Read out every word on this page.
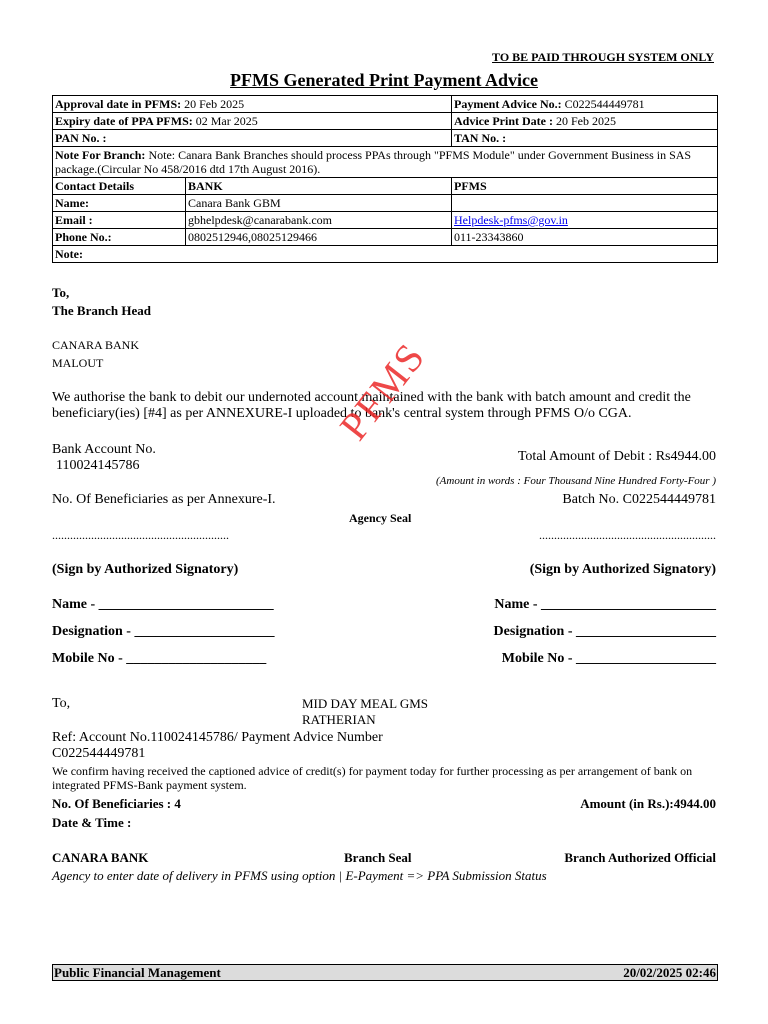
TO BE PAID THROUGH SYSTEM ONLY
PFMS Generated Print Payment Advice
Approval date in PFMS: 20 Feb 2025		Payment Advice No.: C022544449781
Expiry date of PPA PFMS: 02 Mar 2025		Advice Print Date : 20 Feb 2025
PAN No. :		TAN No. :
Note For Branch: Note: Canara Bank Branches should process PPAs through "PFMS Module" under Government Business in SAS package.(Circular No 458/2016 dtd 17th August 2016).		
Contact Details	BANK	PFMS
Name:	Canara Bank GBM	
Email :	gbhelpdesk@canarabank.com	Helpdesk-pfms@gov.in
Phone No.:	0802512946,08025129466	011-23343860
Note:		
To,
The Branch Head
CANARA BANK
MALOUT
We authorise the bank to debit our undernoted account maintained with the bank with batch amount and credit the beneficiary(ies) [#4] as per ANNEXURE-I uploaded to bank's central system through PFMS O/o CGA.
Bank Account No.
110024145786
Total Amount of Debit : Rs4944.00
(Amount in words : Four Thousand Nine Hundred Forty-Four )
No. Of Beneficiaries as per Annexure-I.	Batch No. C022544449781
Agency Seal
...........................................................	...........................................................
(Sign by Authorized Signatory)	(Sign by Authorized Signatory)
Name - _________________________
Designation - ____________________
Mobile No - ____________________
Name - _________________________
Designation - ____________________
Mobile No - ____________________
To,	MID DAY MEAL GMS
RATHERIAN
Ref: Account No.110024145786/ Payment Advice Number
C022544449781
We confirm having received the captioned advice of credit(s) for payment today for further processing as per arrangement of bank on integrated PFMS-Bank payment system.
No. Of Beneficiaries : 4	Amount (in Rs.):4944.00
Date & Time :
CANARA BANK	Branch Seal	Branch Authorized Official
Agency to enter date of delivery in PFMS using option | E-Payment => PPA Submission Status
PFMS
Public Financial Management	20/02/2025 02:46
